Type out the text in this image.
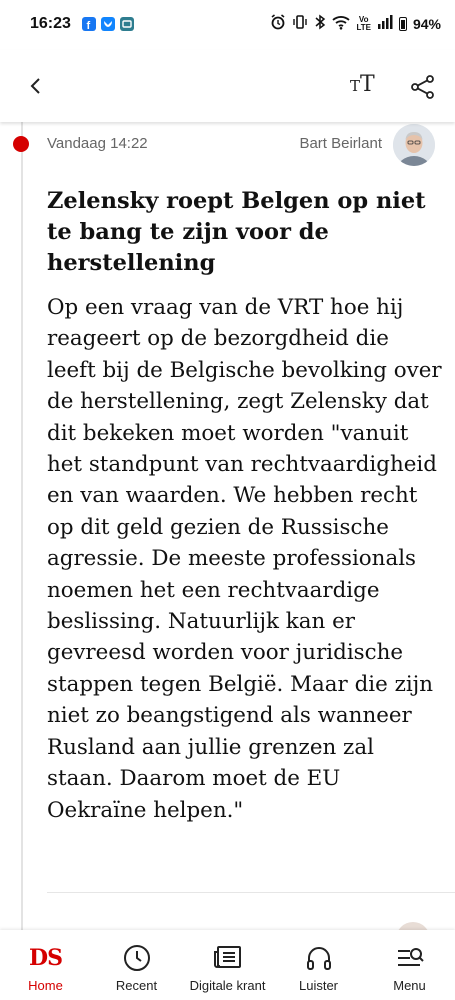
16:23 f
Vo
LTE	94%
TT
Vandaag 14:22	Bart Beirlant
Zelensky roept Belgen op niet te bang te zijn voor de herstellening

Op een vraag van de VRT hoe hij reageert op de bezorgdheid die leeft bij de Belgische bevolking over de herstellening, zegt Zelensky dat dit bekeken moet worden "vanuit het standpunt van rechtvaardigheid en van waarden. We hebben recht op dit geld gezien de Russische agressie. De meeste professionals noemen het een rechtvaardige beslissing. Natuurlijk kan er gevreesd worden voor juridische stappen tegen België. Maar die zijn niet zo beangstigend als wanneer Rusland aan jullie grenzen zal staan. Daarom moet de EU Oekraïne helpen."

DS
Home	Recent	Digitale krant	Luister	Menu
